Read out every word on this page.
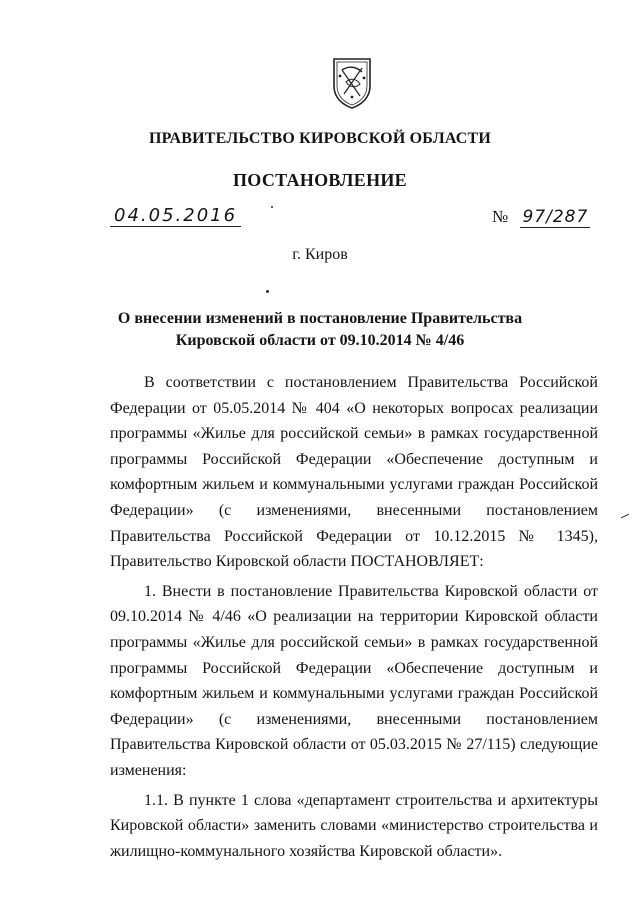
ПРАВИТЕЛЬСТВО КИРОВСКОЙ ОБЛАСТИ
ПОСТАНОВЛЕНИЕ
04.05.2016	№ 97/287
г. Киров
О внесении изменений в постановление Правительства
Кировской области от 09.10.2014 № 4/46

В соответствии с постановлением Правительства Российской Федерации от 05.05.2014 № 404 «О некоторых вопросах реализации программы «Жилье для российской семьи» в рамках государственной программы Российской Федерации «Обеспечение доступным и комфортным жильем и коммунальными услугами граждан Российской Федерации» (с изменениями, внесенными постановлением Правительства Российской Федерации от 10.12.2015 № 1345), Правительство Кировской области ПОСТАНОВЛЯЕТ:

1. Внести в постановление Правительства Кировской области от 09.10.2014 № 4/46 «О реализации на территории Кировской области программы «Жилье для российской семьи» в рамках государственной программы Российской Федерации «Обеспечение доступным и комфортным жильем и коммунальными услугами граждан Российской Федерации» (с изменениями, внесенными постановлением Правительства Кировской области от 05.03.2015 № 27/115) следующие изменения:

1.1. В пункте 1 слова «департамент строительства и архитектуры Кировской области» заменить словами «министерство строительства и жилищно-коммунального хозяйства Кировской области».
